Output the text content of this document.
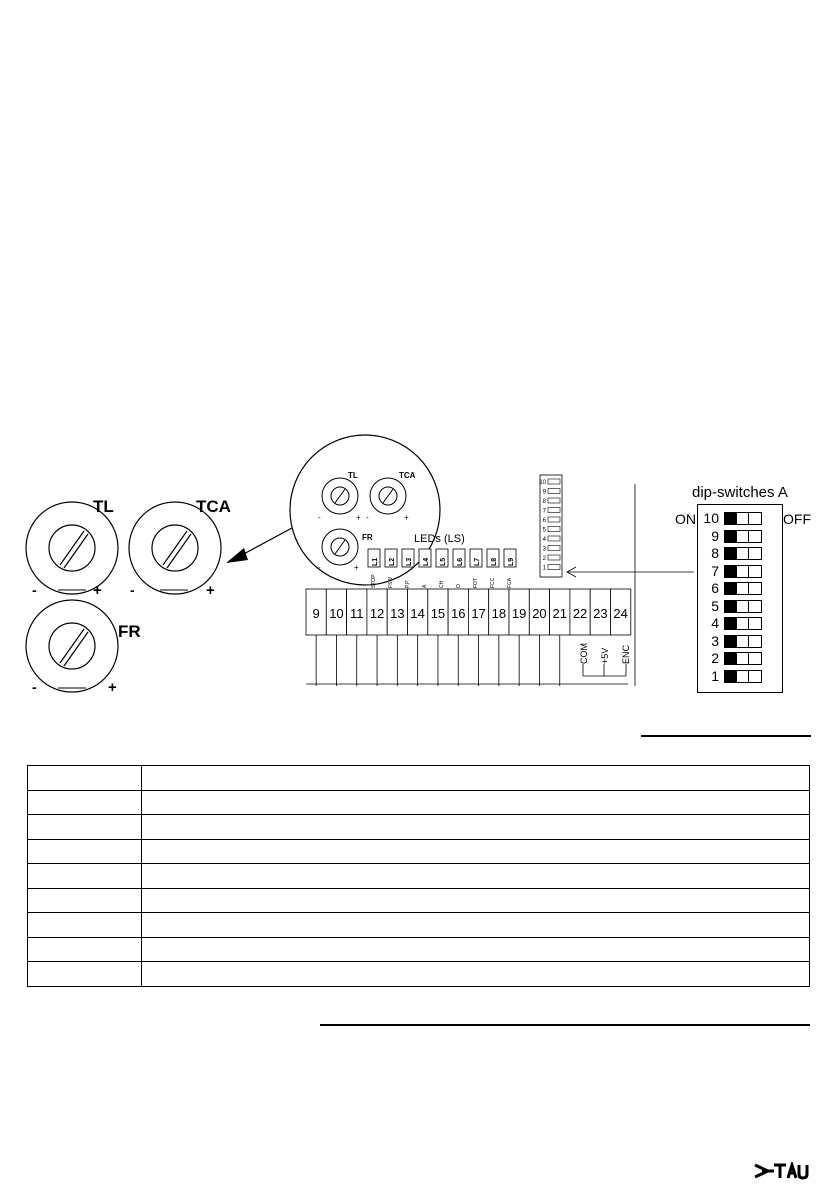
TL
-	+
TCA
-	+
FR
-	+
TL	TCA
FR
-	+ -	+
-	+
LEDs (LS)
10
9
8
7
6
5
4
3
2
1
9 10 11 12 13 14 15 16 17 18 19 20 21 22 23 24
L1
STOP
L2
FSW
L3
P.P.
L4
A
L5
CH
L6
O
L7
FOT
L8
FCC
L9
FCA
COM +5V ENC
dip-switches A
ON	OFF
10
9
8
7
6
5
4
3
2
1
